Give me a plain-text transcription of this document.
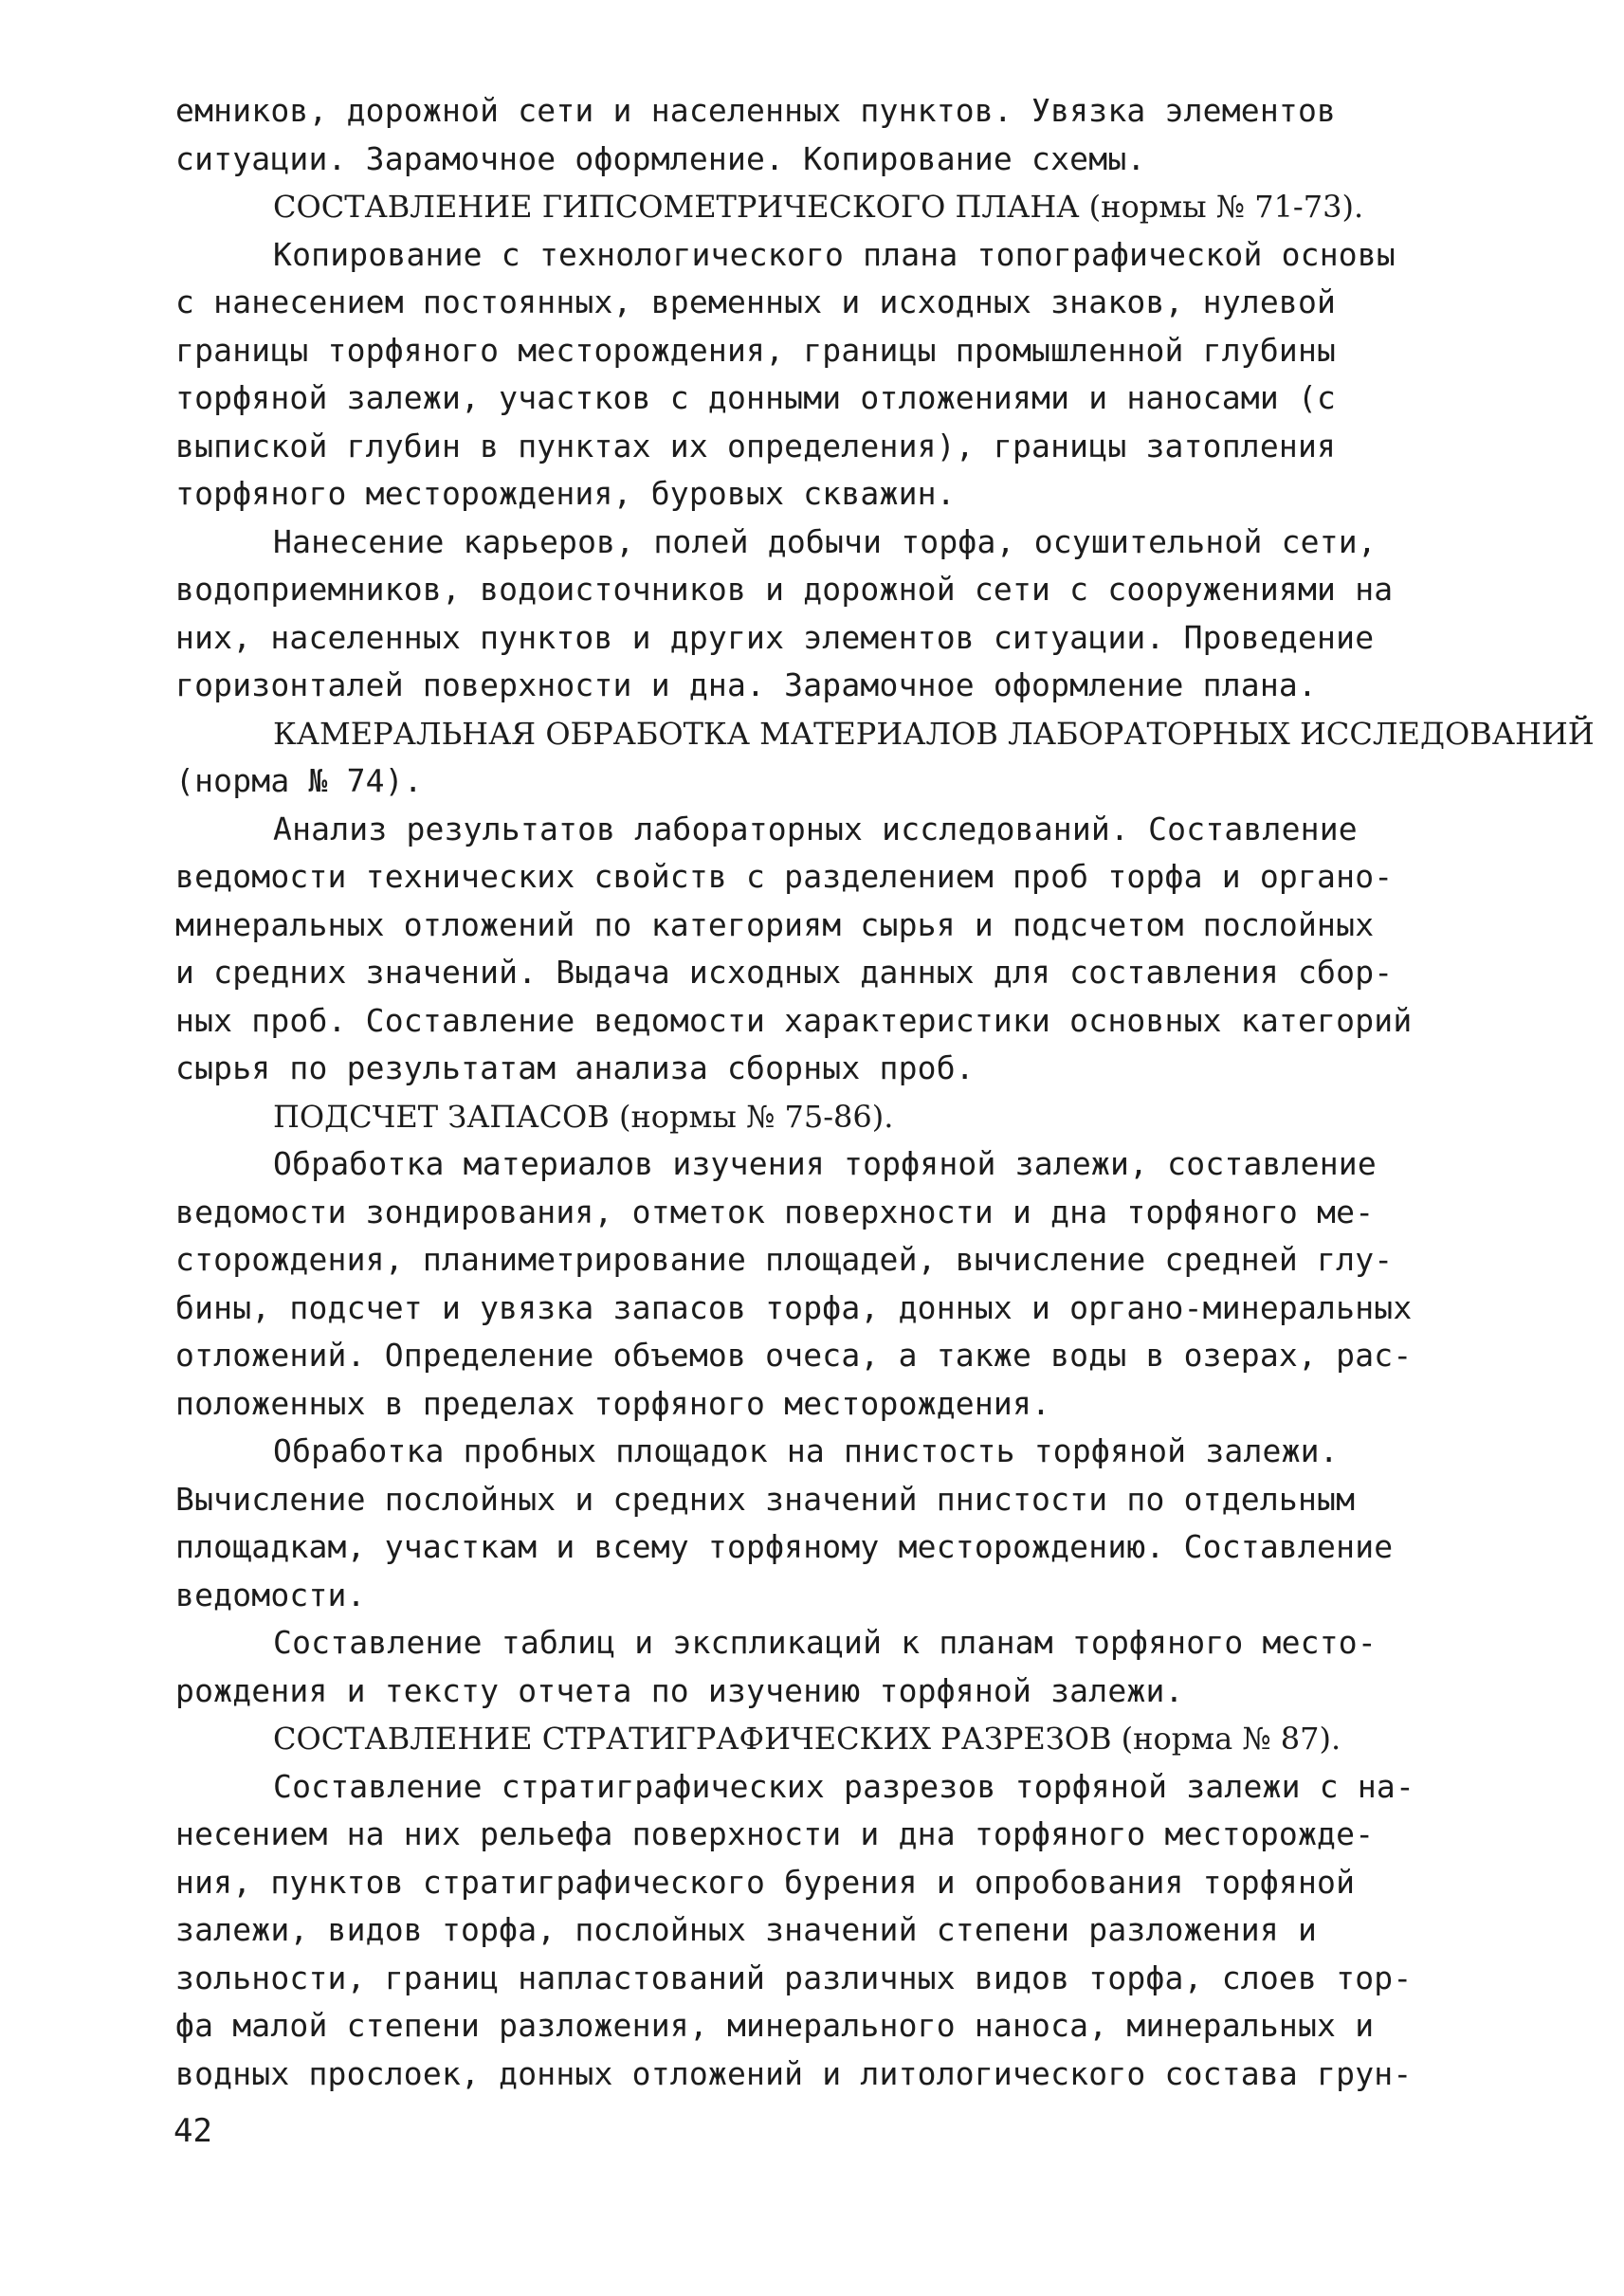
емников, дорожной сети и населенных пунктов. Увязка элементов
ситуации. Зарамочное оформление. Копирование схемы.
СОСТАВЛЕНИЕ ГИПСОМЕТРИЧЕСКОГО ПЛАНА (нормы № 71-73).
Копирование с технологического плана топографической основы
с нанесением постоянных, временных и исходных знаков, нулевой
границы торфяного месторождения, границы промышленной глубины
торфяной залежи, участков с донными отложениями и наносами (с
выпиской глубин в пунктах их определения), границы затопления
торфяного месторождения, буровых скважин.
Нанесение карьеров, полей добычи торфа, осушительной сети,
водоприемников, водоисточников и дорожной сети с сооружениями на
них, населенных пунктов и других элементов ситуации. Проведение
горизонталей поверхности и дна. Зарамочное оформление плана.
КАМЕРАЛЬНАЯ ОБРАБОТКА МАТЕРИАЛОВ ЛАБОРАТОРНЫХ ИССЛЕДОВАНИЙ
(норма № 74).
Анализ результатов лабораторных исследований. Составление
ведомости технических свойств с разделением проб торфа и органо-
минеральных отложений по категориям сырья и подсчетом послойных
и средних значений. Выдача исходных данных для составления сбор-
ных проб. Составление ведомости характеристики основных категорий
сырья по результатам анализа сборных проб.
ПОДСЧЕТ ЗАПАСОВ (нормы № 75-86).
Обработка материалов изучения торфяной залежи, составление
ведомости зондирования, отметок поверхности и дна торфяного ме-
сторождения, планиметрирование площадей, вычисление средней глу-
бины, подсчет и увязка запасов торфа, донных и органо-минеральных
отложений. Определение объемов очеса, а также воды в озерах, рас-
положенных в пределах торфяного месторождения.
Обработка пробных площадок на пнистость торфяной залежи.
Вычисление послойных и средних значений пнистости по отдельным
площадкам, участкам и всему торфяному месторождению. Составление
ведомости.
Составление таблиц и экспликаций к планам торфяного место-
рождения и тексту отчета по изучению торфяной залежи.
СОСТАВЛЕНИЕ СТРАТИГРАФИЧЕСКИХ РАЗРЕЗОВ (норма № 87).
Составление стратиграфических разрезов торфяной залежи с на-
несением на них рельефа поверхности и дна торфяного месторожде-
ния, пунктов стратиграфического бурения и опробования торфяной
залежи, видов торфа, послойных значений степени разложения и
зольности, границ напластований различных видов торфа, слоев тор-
фа малой степени разложения, минерального наноса, минеральных и
водных прослоек, донных отложений и литологического состава грун-
42
